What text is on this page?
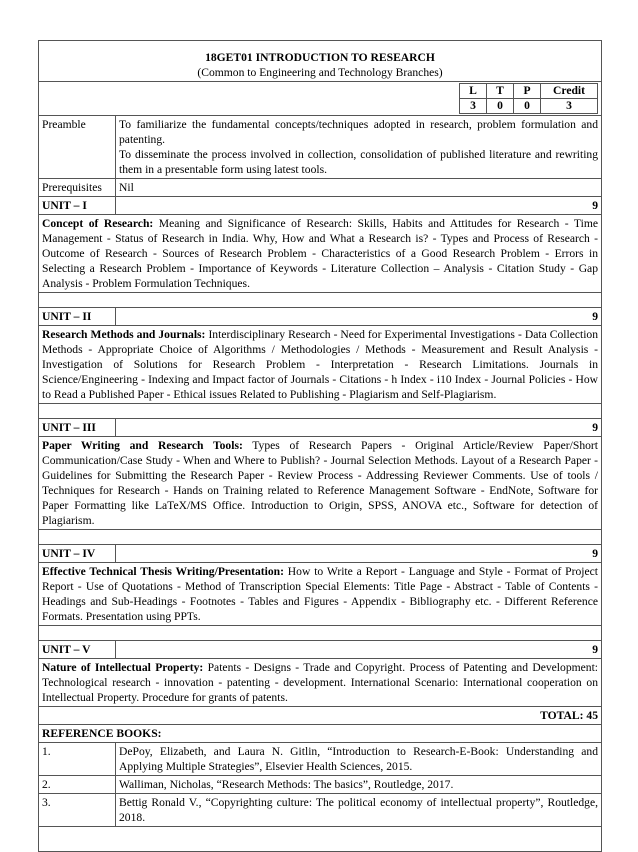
18GET01 INTRODUCTION TO RESEARCH
(Common to Engineering and Technology Branches)

L	T	P	Credit
3	0	0	3

Preamble	To familiarize the fundamental concepts/techniques adopted in research, problem formulation and patenting.
To disseminate the process involved in collection, consolidation of published literature and rewriting them in a presentable form using latest tools.

Prerequisites	Nil
UNIT – I	9
Concept of Research: Meaning and Significance of Research: Skills, Habits and Attitudes for Research - Time Management - Status of Research in India. Why, How and What a Research is? - Types and Process of Research - Outcome of Research - Sources of Research Problem - Characteristics of a Good Research Problem - Errors in Selecting a Research Problem - Importance of Keywords - Literature Collection – Analysis - Citation Study - Gap Analysis - Problem Formulation Techniques.

UNIT – II	9
Research Methods and Journals: Interdisciplinary Research - Need for Experimental Investigations - Data Collection Methods - Appropriate Choice of Algorithms / Methodologies / Methods - Measurement and Result Analysis - Investigation of Solutions for Research Problem - Interpretation - Research Limitations. Journals in Science/Engineering - Indexing and Impact factor of Journals - Citations - h Index - i10 Index - Journal Policies - How to Read a Published Paper - Ethical issues Related to Publishing - Plagiarism and Self-Plagiarism.

UNIT – III	9
Paper Writing and Research Tools: Types of Research Papers - Original Article/Review Paper/Short Communication/Case Study - When and Where to Publish? - Journal Selection Methods. Layout of a Research Paper - Guidelines for Submitting the Research Paper - Review Process - Addressing Reviewer Comments. Use of tools / Techniques for Research - Hands on Training related to Reference Management Software - EndNote, Software for Paper Formatting like LaTeX/MS Office. Introduction to Origin, SPSS, ANOVA etc., Software for detection of Plagiarism.

UNIT – IV	9
Effective Technical Thesis Writing/Presentation: How to Write a Report - Language and Style - Format of Project Report - Use of Quotations - Method of Transcription Special Elements: Title Page - Abstract - Table of Contents - Headings and Sub-Headings - Footnotes - Tables and Figures - Appendix - Bibliography etc. - Different Reference Formats. Presentation using PPTs.

UNIT – V	9
Nature of Intellectual Property: Patents - Designs - Trade and Copyright. Process of Patenting and Development: Technological research - innovation - patenting - development. International Scenario: International cooperation on Intellectual Property. Procedure for grants of patents.
TOTAL: 45
REFERENCE BOOKS:
1.	DePoy, Elizabeth, and Laura N. Gitlin, “Introduction to Research-E-Book: Understanding and Applying Multiple Strategies”, Elsevier Health Sciences, 2015.
2.	Walliman, Nicholas, “Research Methods: The basics”, Routledge, 2017.
3.	Bettig Ronald V., “Copyrighting culture: The political economy of intellectual property”, Routledge, 2018.
